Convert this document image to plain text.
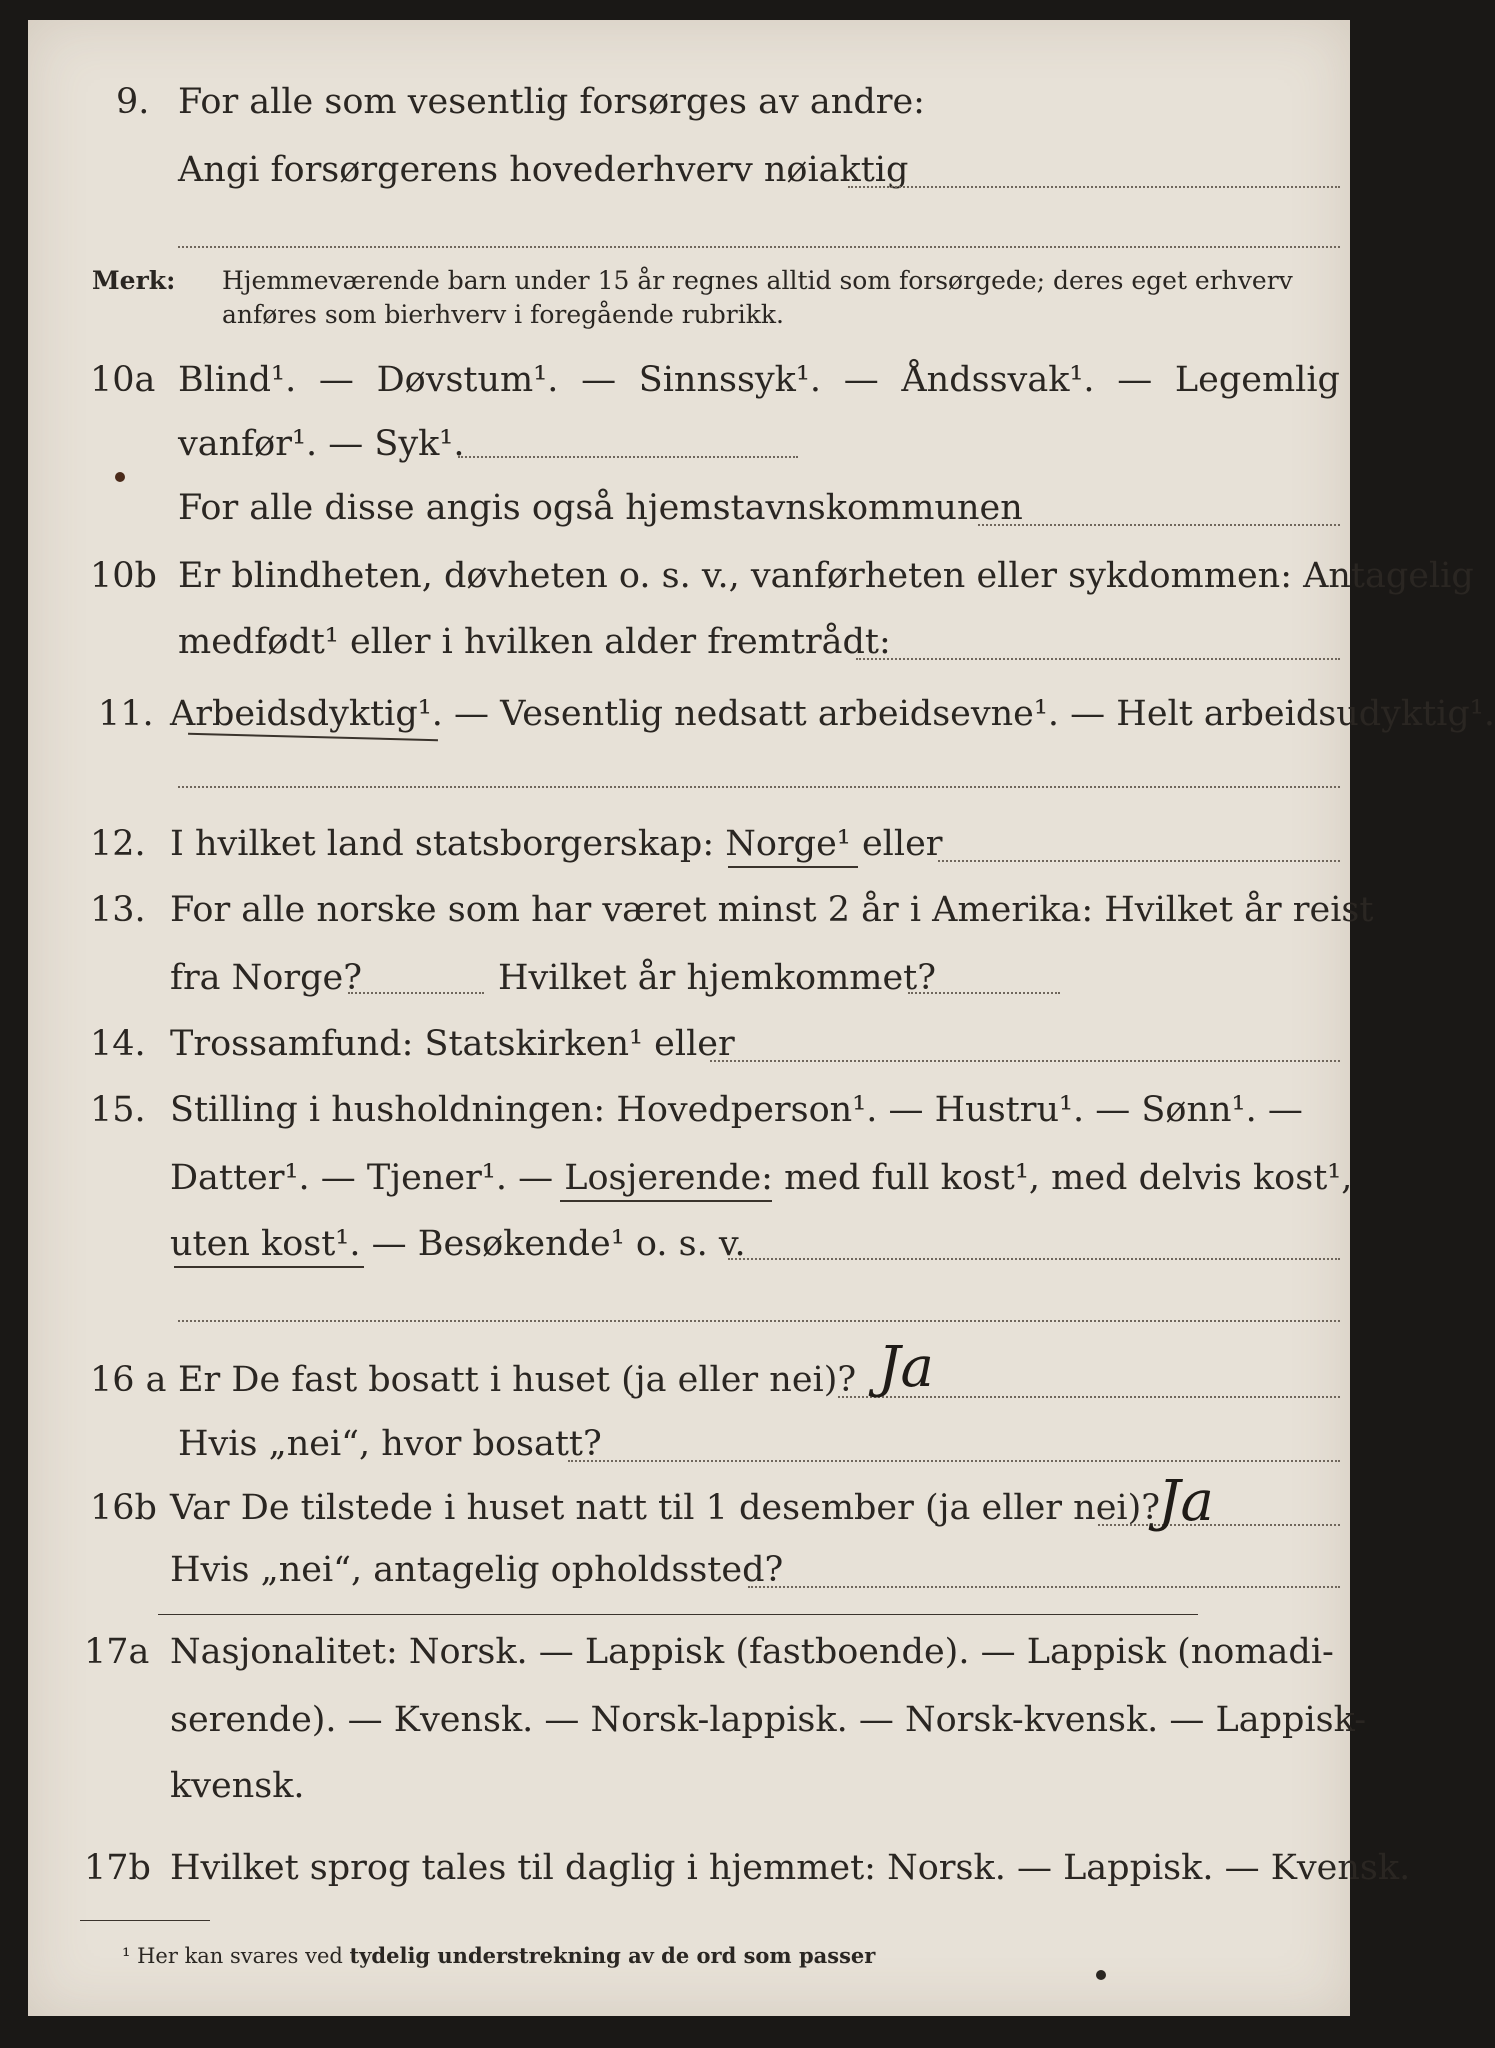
9. For alle som vesentlig forsørges av andre:
Angi forsørgerens hovederhverv nøiaktig
Merk: Hjemmeværende barn under 15 år regnes alltid som forsørgede; deres eget erhverv
anføres som bierhverv i foregående rubrikk.
10a Blind¹. — Døvstum¹. — Sinnssyk¹. — Åndssvak¹. — Legemlig
vanfør¹. — Syk¹.
For alle disse angis også hjemstavnskommunen
10b Er blindheten, døvheten o. s. v., vanførheten eller sykdommen: Antagelig
medfødt¹ eller i hvilken alder fremtrådt:
11. Arbeidsdyktig¹. — Vesentlig nedsatt arbeidsevne¹. — Helt arbeidsudyktig¹.
12. I hvilket land statsborgerskap: Norge¹ eller
13. For alle norske som har været minst 2 år i Amerika: Hvilket år reist
fra Norge?	Hvilket år hjemkommet?
14. Trossamfund: Statskirken¹ eller
15. Stilling i husholdningen: Hovedperson¹. — Hustru¹. — Sønn¹. —
Datter¹. — Tjener¹. — Losjerende: med full kost¹, med delvis kost¹,
uten kost¹. — Besøkende¹ o. s. v.
16 a Er De fast bosatt i huset (ja eller nei)? Ja
Hvis „nei“, hvor bosatt?
16b Var De tilstede i huset natt til 1 desember (ja eller nei)?
Ja
Hvis „nei“, antagelig opholdssted?
17a Nasjonalitet: Norsk. — Lappisk (fastboende). — Lappisk (nomadi-
serende). — Kvensk. — Norsk-lappisk. — Norsk-kvensk. — Lappisk-
kvensk.
17b Hvilket sprog tales til daglig i hjemmet: Norsk. — Lappisk. — Kvensk.
¹ Her kan svares ved tydelig understrekning av de ord som passer
